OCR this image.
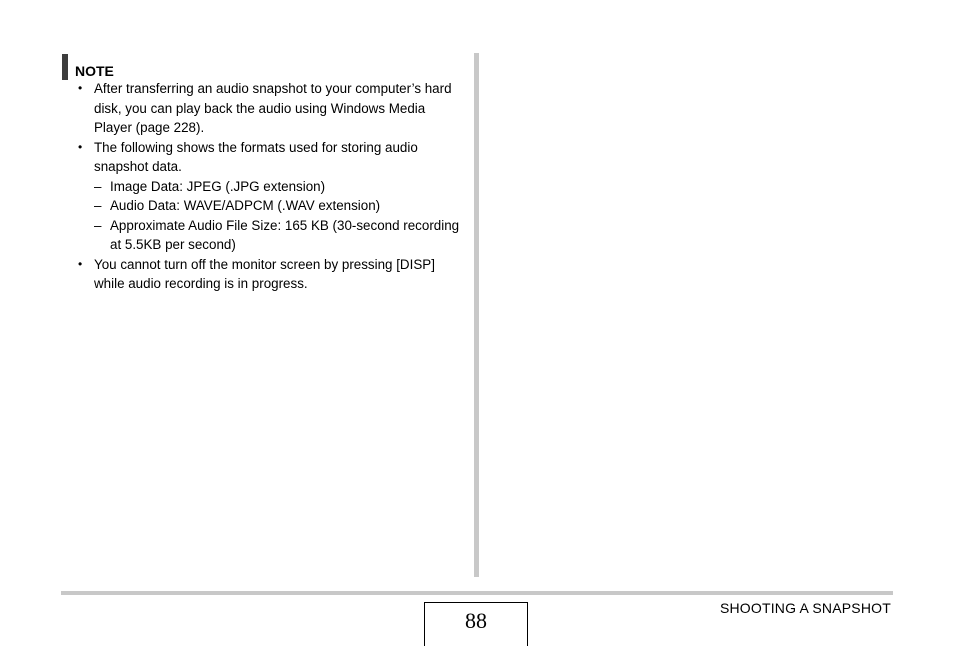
NOTE
• After transferring an audio snapshot to your computer’s hard disk, you can play back the audio using Windows Media Player (page 228).
• The following shows the formats used for storing audio snapshot data.
– Image Data: JPEG (.JPG extension)
– Audio Data: WAVE/ADPCM (.WAV extension)
– Approximate Audio File Size: 165 KB (30-second recording at 5.5KB per second)
• You cannot turn off the monitor screen by pressing [DISP] while audio recording is in progress.
88	SHOOTING A SNAPSHOT
